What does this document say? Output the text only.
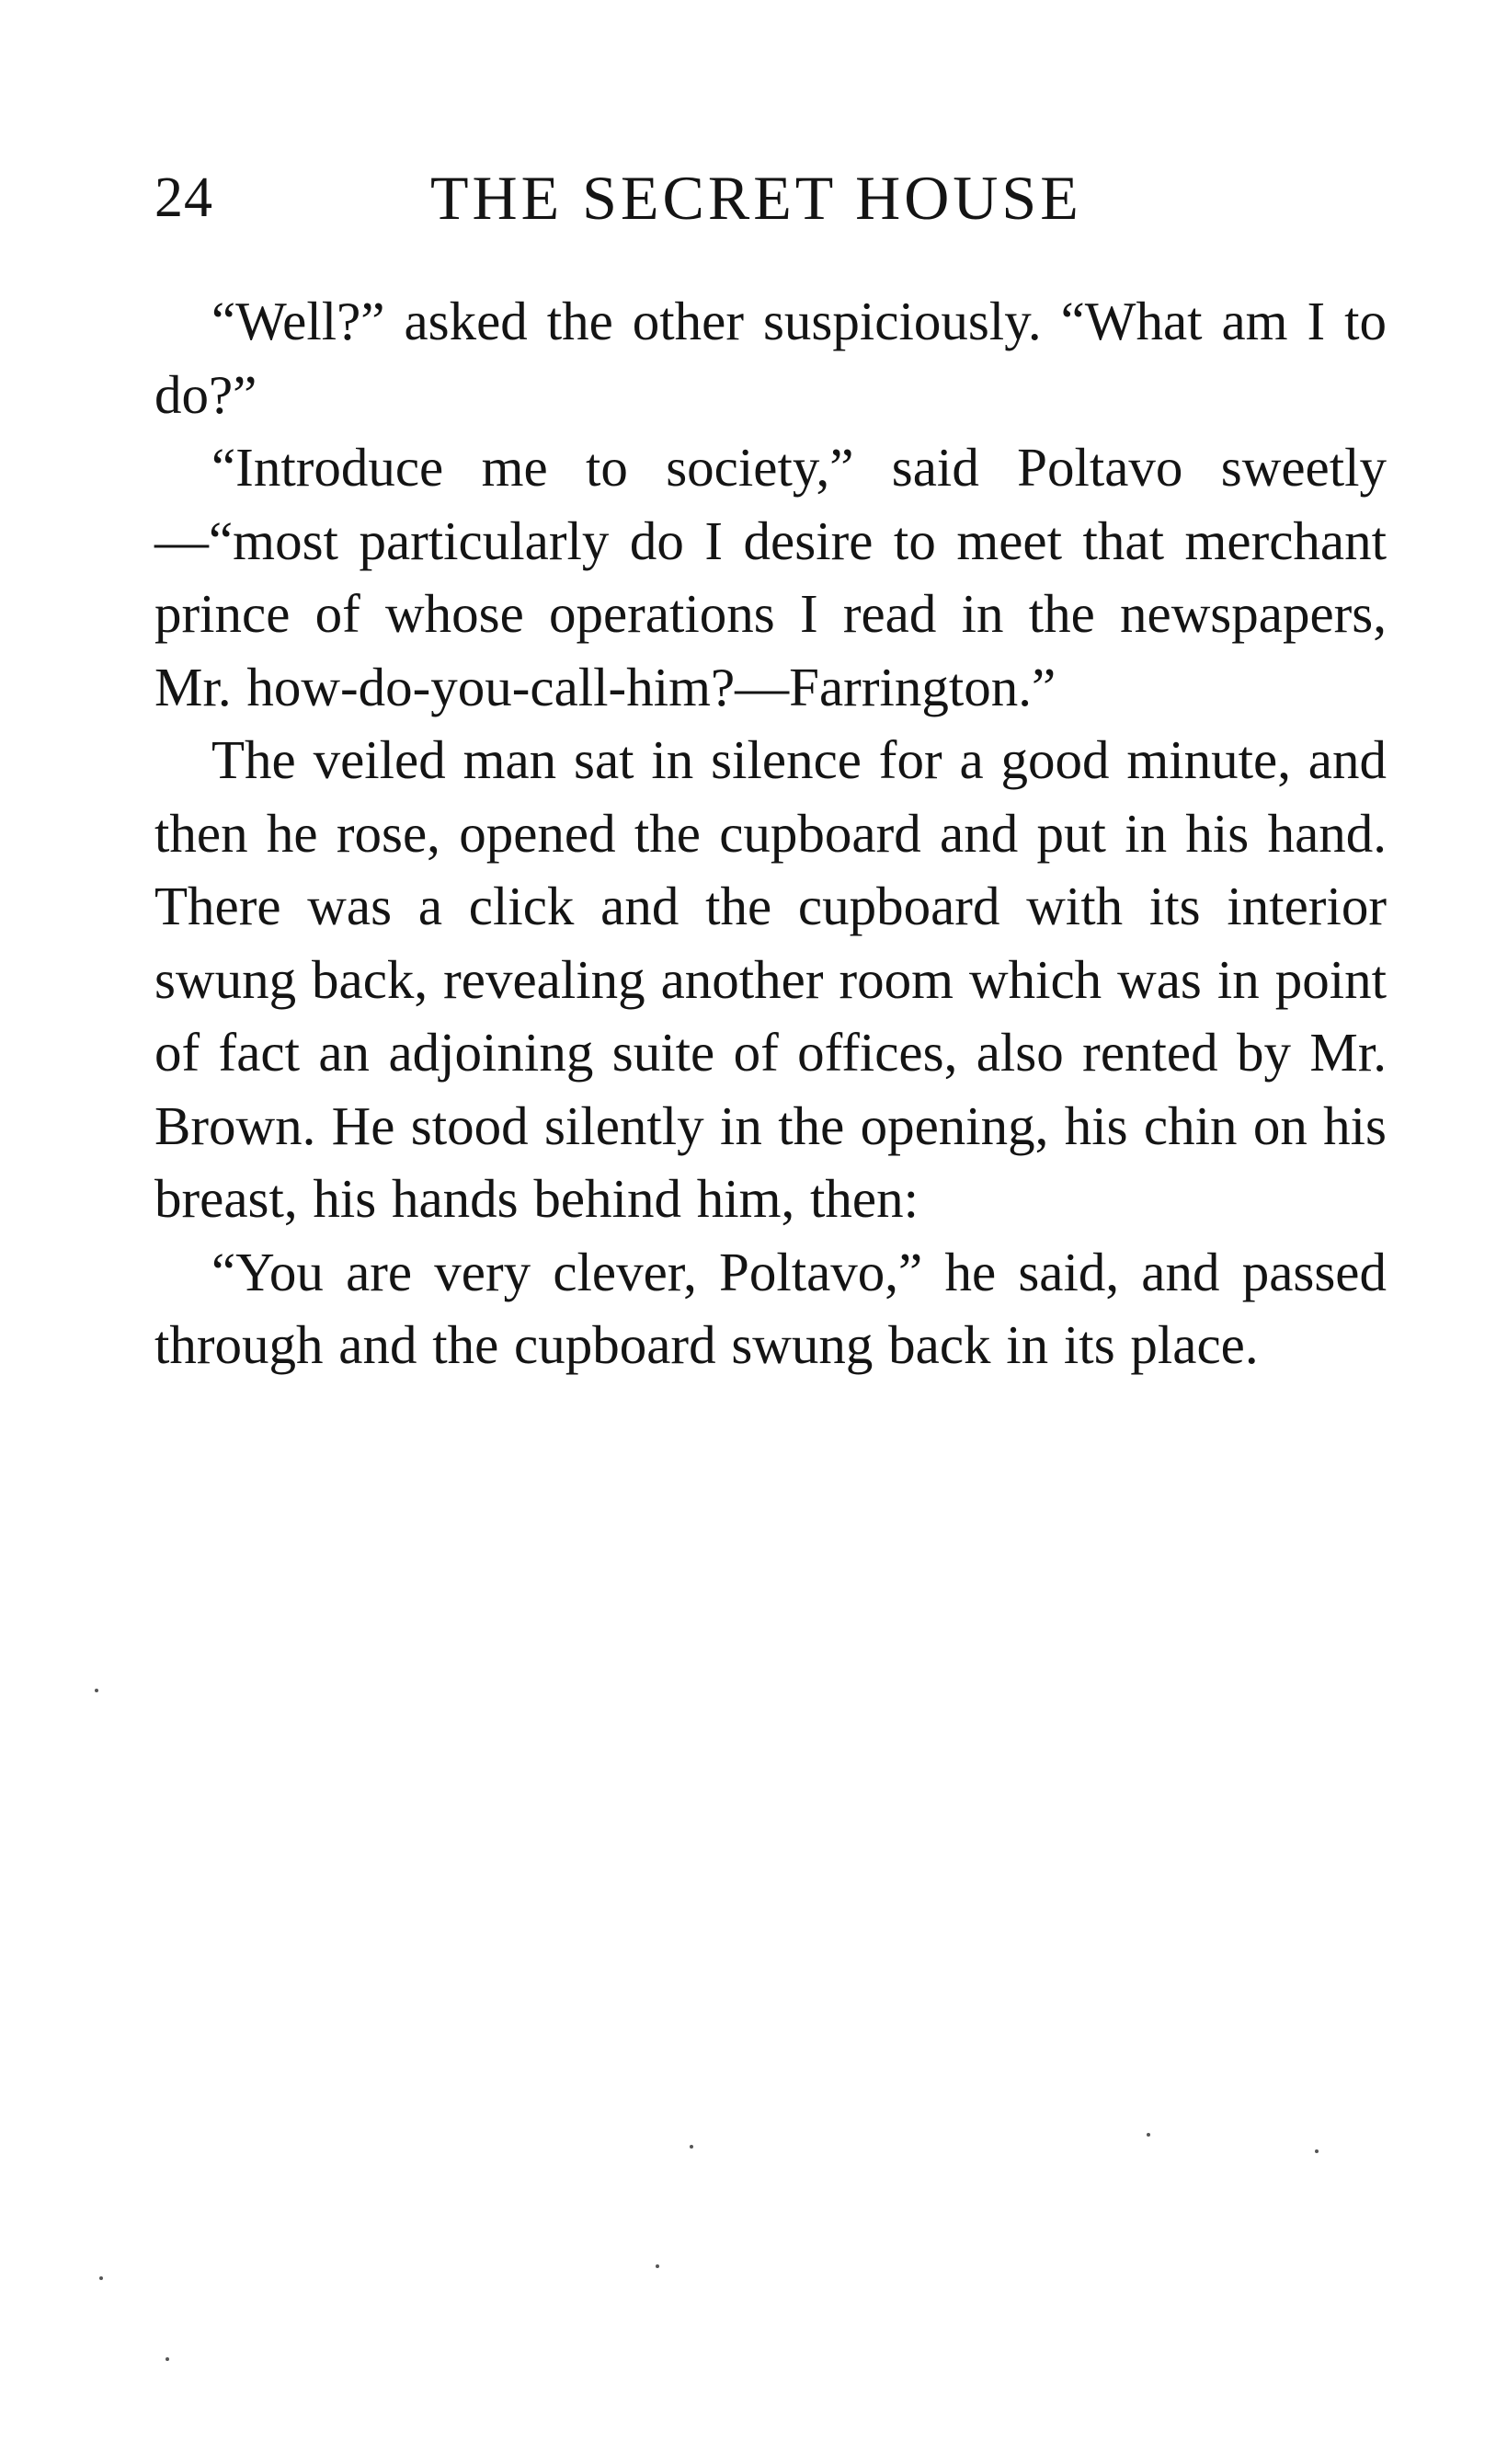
24	THE SECRET HOUSE

“Well?” asked the other suspiciously. “What am I to do?”

“Introduce me to society,” said Poltavo sweetly—“most particularly do I desire to meet that merchant prince of whose operations I read in the newspapers, Mr. how-do-you-call-him?—Farrington.”

The veiled man sat in silence for a good minute, and then he rose, opened the cupboard and put in his hand. There was a click and the cupboard with its interior swung back, revealing another room which was in point of fact an adjoining suite of offices, also rented by Mr. Brown. He stood silently in the opening, his chin on his breast, his hands behind him, then:

“You are very clever, Poltavo,” he said, and passed through and the cupboard swung back in its place.
